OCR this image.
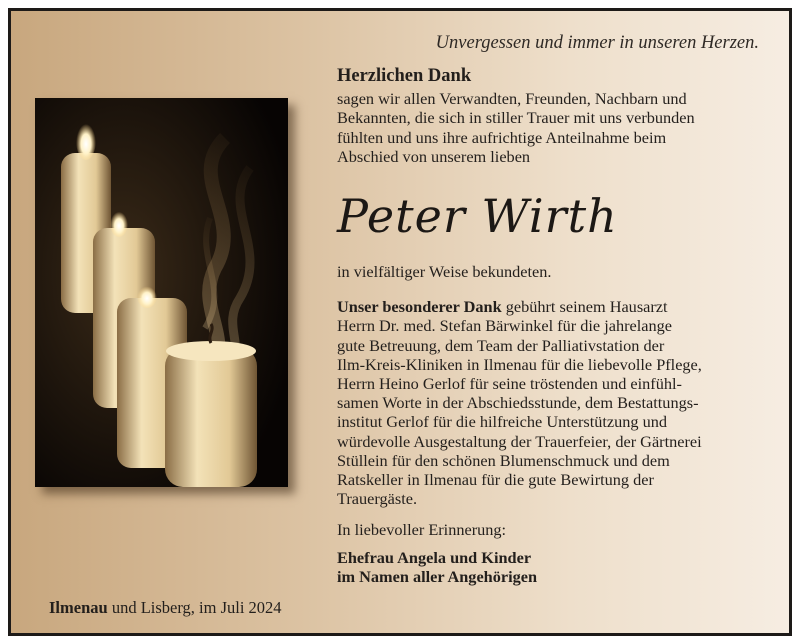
Unvergessen und immer in unseren Herzen.
Herzlichen Dank
sagen wir allen Verwandten, Freunden, Nachbarn und
Bekannten, die sich in stiller Trauer mit uns verbunden
fühlten und uns ihre aufrichtige Anteilnahme beim
Abschied von unserem lieben
Peter Wirth
in vielfältiger Weise bekundeten.
Unser besonderer Dank gebührt seinem Hausarzt
Herrn Dr. med. Stefan Bärwinkel für die jahrelange
gute Betreuung, dem Team der Palliativstation der
Ilm-Kreis-Kliniken in Ilmenau für die liebevolle Pflege,
Herrn Heino Gerlof für seine tröstenden und einfühl-
samen Worte in der Abschiedsstunde, dem Bestattungs-
institut Gerlof für die hilfreiche Unterstützung und
würdevolle Ausgestaltung der Trauerfeier, der Gärtnerei
Stüllein für den schönen Blumenschmuck und dem
Ratskeller in Ilmenau für die gute Bewirtung der
Trauergäste.
In liebevoller Erinnerung:
Ehefrau Angela und Kinder
im Namen aller Angehörigen
Ilmenau und Lisberg, im Juli 2024
